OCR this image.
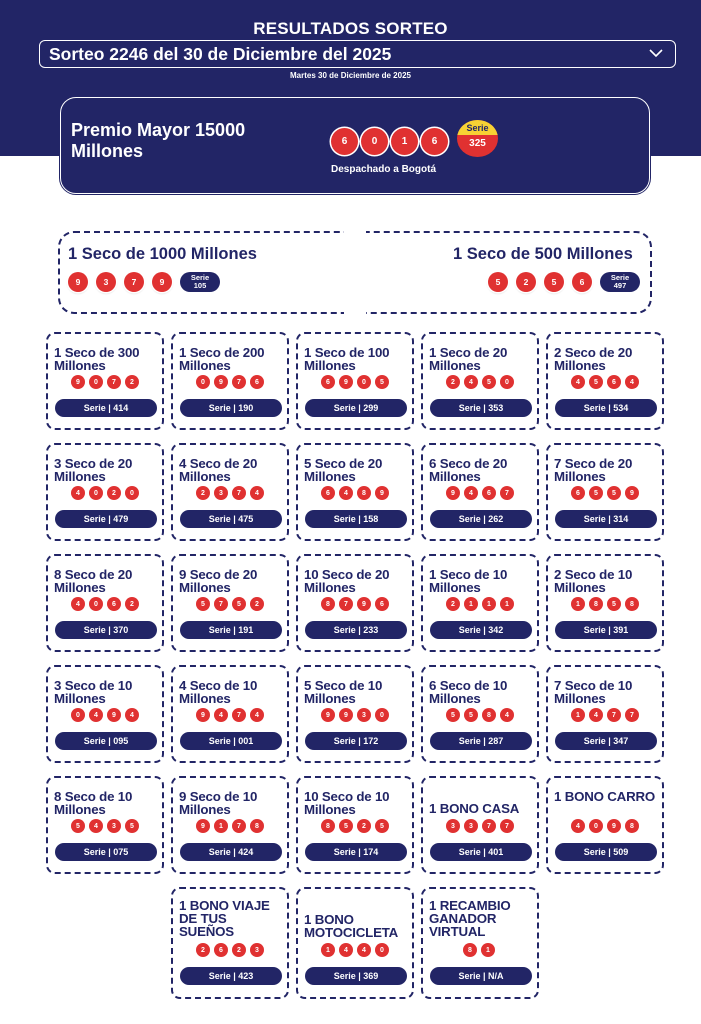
RESULTADOS SORTEO
Sorteo 2246 del 30 de Diciembre del 2025
Martes 30 de Diciembre de 2025
Premio Mayor 15000 Millones	6	0	1	6
Serie
325
Despachado a Bogotá
1 Seco de 1000 Millones
9	3	7	9	Serie
105
1 Seco de 500 Millones
5	2	5	6	Serie
497
1 Seco de 300 Millones
9	0	7	2
Serie | 414
1 Seco de 200 Millones
0	9	7	6
Serie | 190
1 Seco de 100 Millones
6	9	0	5
Serie | 299
1 Seco de 20 Millones
2	4	5	0
Serie | 353
2 Seco de 20 Millones
4	5	6	4
Serie | 534
3 Seco de 20 Millones
4	0	2	0
Serie | 479
4 Seco de 20 Millones
2	3	7	4
Serie | 475
5 Seco de 20 Millones
6	4	8	9
Serie | 158
6 Seco de 20 Millones
9	4	6	7
Serie | 262
7 Seco de 20 Millones
6	5	5	9
Serie | 314
8 Seco de 20 Millones
4	0	6	2
Serie | 370
9 Seco de 20 Millones
5	7	5	2
Serie | 191
10 Seco de 20 Millones
8	7	9	6
Serie | 233
1 Seco de 10 Millones
2	1	1	1
Serie | 342
2 Seco de 10 Millones
1	8	5	8
Serie | 391
3 Seco de 10 Millones
0	4	9	4
Serie | 095
4 Seco de 10 Millones
9	4	7	4
Serie | 001
5 Seco de 10 Millones
9	9	3	0
Serie | 172
6 Seco de 10 Millones
5	5	8	4
Serie | 287
7 Seco de 10 Millones
1	4	7	7
Serie | 347
8 Seco de 10 Millones
5	4	3	5
Serie | 075
9 Seco de 10 Millones
9	1	7	8
Serie | 424
10 Seco de 10 Millones
8	5	2	5
Serie | 174
1 BONO CASA
3	3	7	7
Serie | 401
1 BONO CARRO
4	0	9	8
Serie | 509
1 BONO VIAJE DE TUS SUEÑOS
2	6	2	3
Serie | 423
1 BONO MOTOCICLETA
1	4	4	0
Serie | 369
1 RECAMBIO GANADOR VIRTUAL
8	1
Serie | N/A
